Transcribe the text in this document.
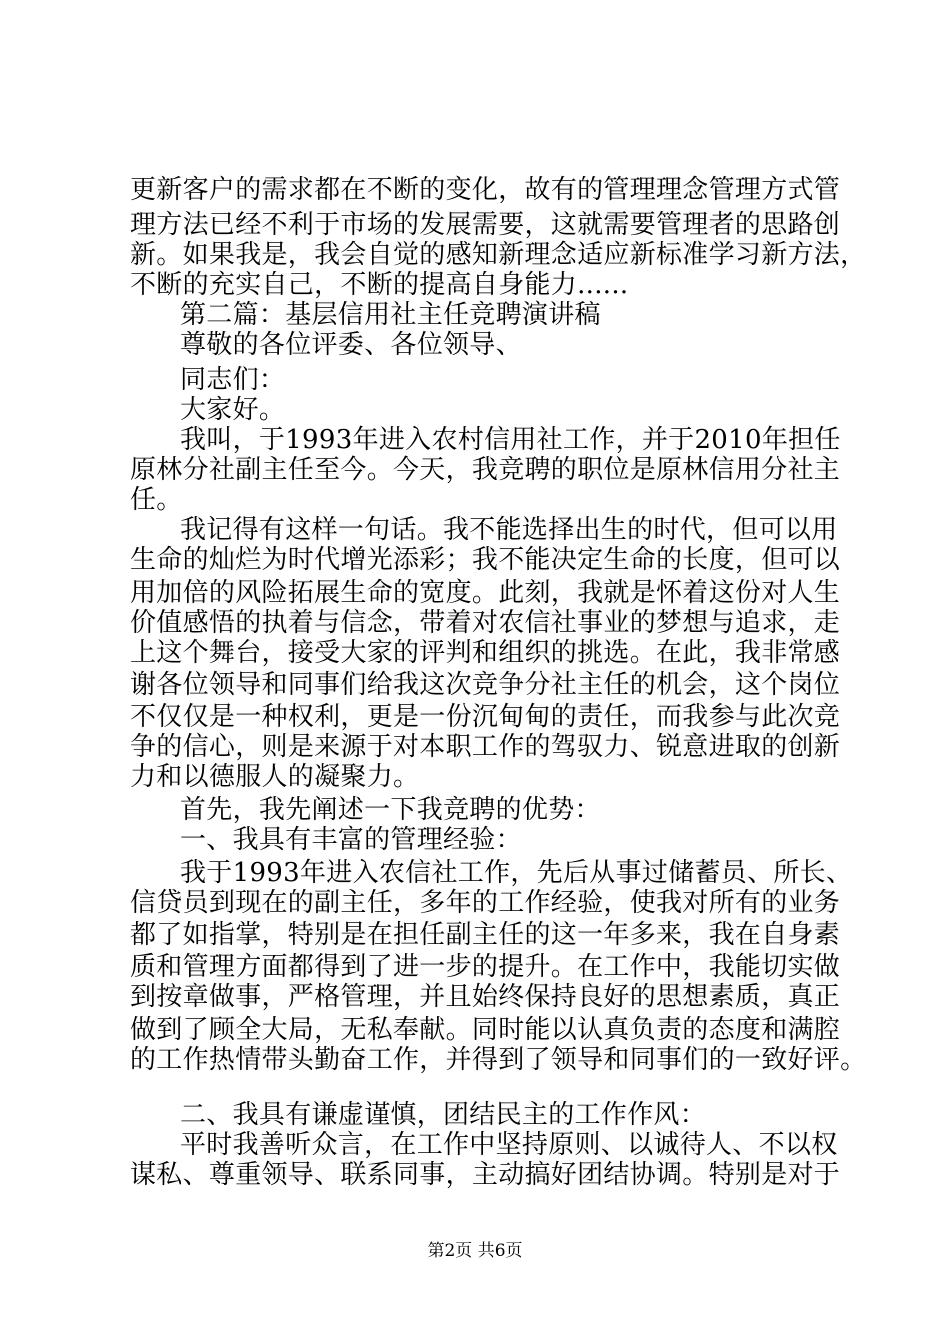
更新客户的需求都在不断的变化，故有的管理理念管理方式管
理方法已经不利于市场的发展需要，这就需要管理者的思路创
新。如果我是，我会自觉的感知新理念适应新标准学习新方法，
不断的充实自己，不断的提高自身能力......
第二篇：基层信用社主任竞聘演讲稿
尊敬的各位评委、各位领导、
同志们：
大家好。
我叫，于1993年进入农村信用社工作，并于2010年担任
原林分社副主任至今。今天，我竞聘的职位是原林信用分社主
任。
我记得有这样一句话。我不能选择出生的时代，但可以用
生命的灿烂为时代增光添彩；我不能决定生命的长度，但可以
用加倍的风险拓展生命的宽度。此刻，我就是怀着这份对人生
价值感悟的执着与信念，带着对农信社事业的梦想与追求，走
上这个舞台，接受大家的评判和组织的挑选。在此，我非常感
谢各位领导和同事们给我这次竞争分社主任的机会，这个岗位
不仅仅是一种权利，更是一份沉甸甸的责任，而我参与此次竞
争的信心，则是来源于对本职工作的驾驭力、锐意进取的创新
力和以德服人的凝聚力。
首先，我先阐述一下我竞聘的优势：
一、我具有丰富的管理经验：
我于1993年进入农信社工作，先后从事过储蓄员、所长、
信贷员到现在的副主任，多年的工作经验，使我对所有的业务
都了如指掌，特别是在担任副主任的这一年多来，我在自身素
质和管理方面都得到了进一步的提升。在工作中，我能切实做
到按章做事，严格管理，并且始终保持良好的思想素质，真正
做到了顾全大局，无私奉献。同时能以认真负责的态度和满腔
的工作热情带头勤奋工作，并得到了领导和同事们的一致好评。
二、我具有谦虚谨慎，团结民主的工作作风：
平时我善听众言，在工作中坚持原则、以诚待人、不以权
谋私、尊重领导、联系同事，主动搞好团结协调。特别是对于
第2页 共6页
